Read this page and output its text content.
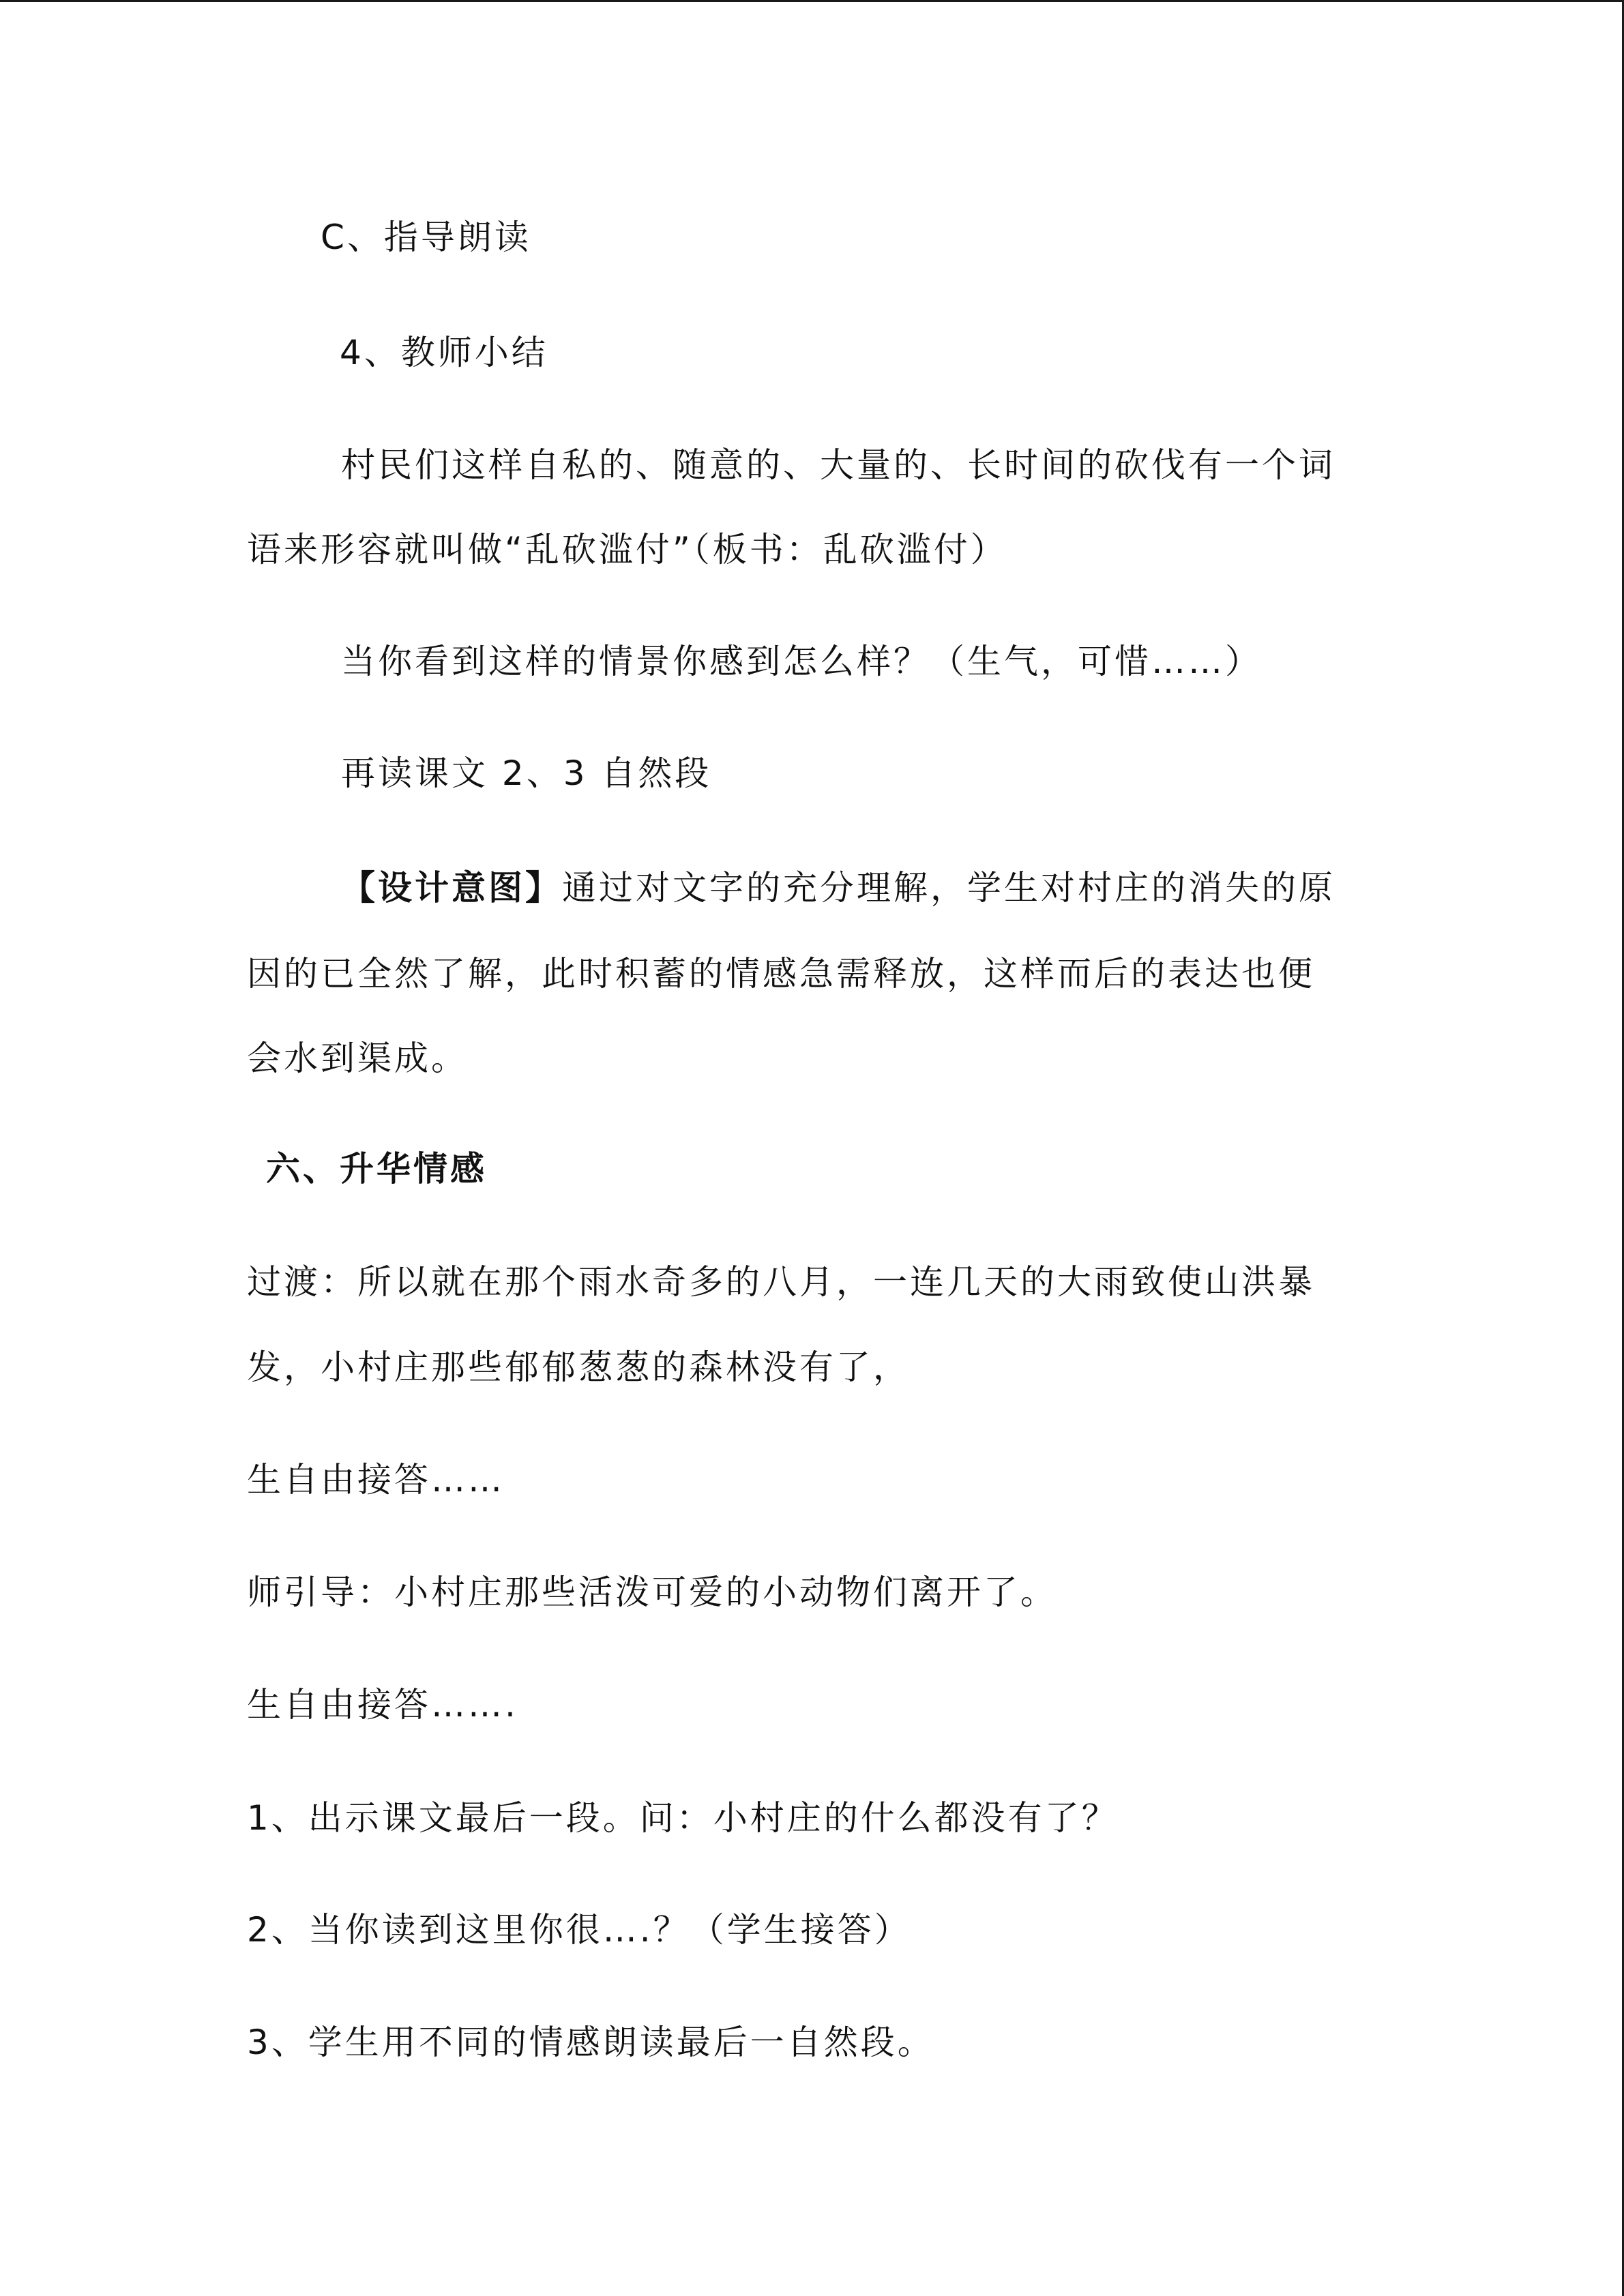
C、指导朗读
4、教师小结
村民们这样自私的、随意的、大量的、长时间的砍伐有一个词
语来形容就叫做“乱砍滥付”（板书：乱砍滥付）
当你看到这样的情景你感到怎么样？（生气，可惜……）
再读课文 2、3 自然段
【设计意图】通过对文字的充分理解，学生对村庄的消失的原
因的已全然了解，此时积蓄的情感急需释放，这样而后的表达也便
会水到渠成。
六、升华情感
过渡：所以就在那个雨水奇多的八月，一连几天的大雨致使山洪暴
发，小村庄那些郁郁葱葱的森林没有了，
生自由接答……
师引导：小村庄那些活泼可爱的小动物们离开了。
生自由接答…….
1、出示课文最后一段。问：小村庄的什么都没有了？
2、当你读到这里你很….？（学生接答）
3、学生用不同的情感朗读最后一自然段。
